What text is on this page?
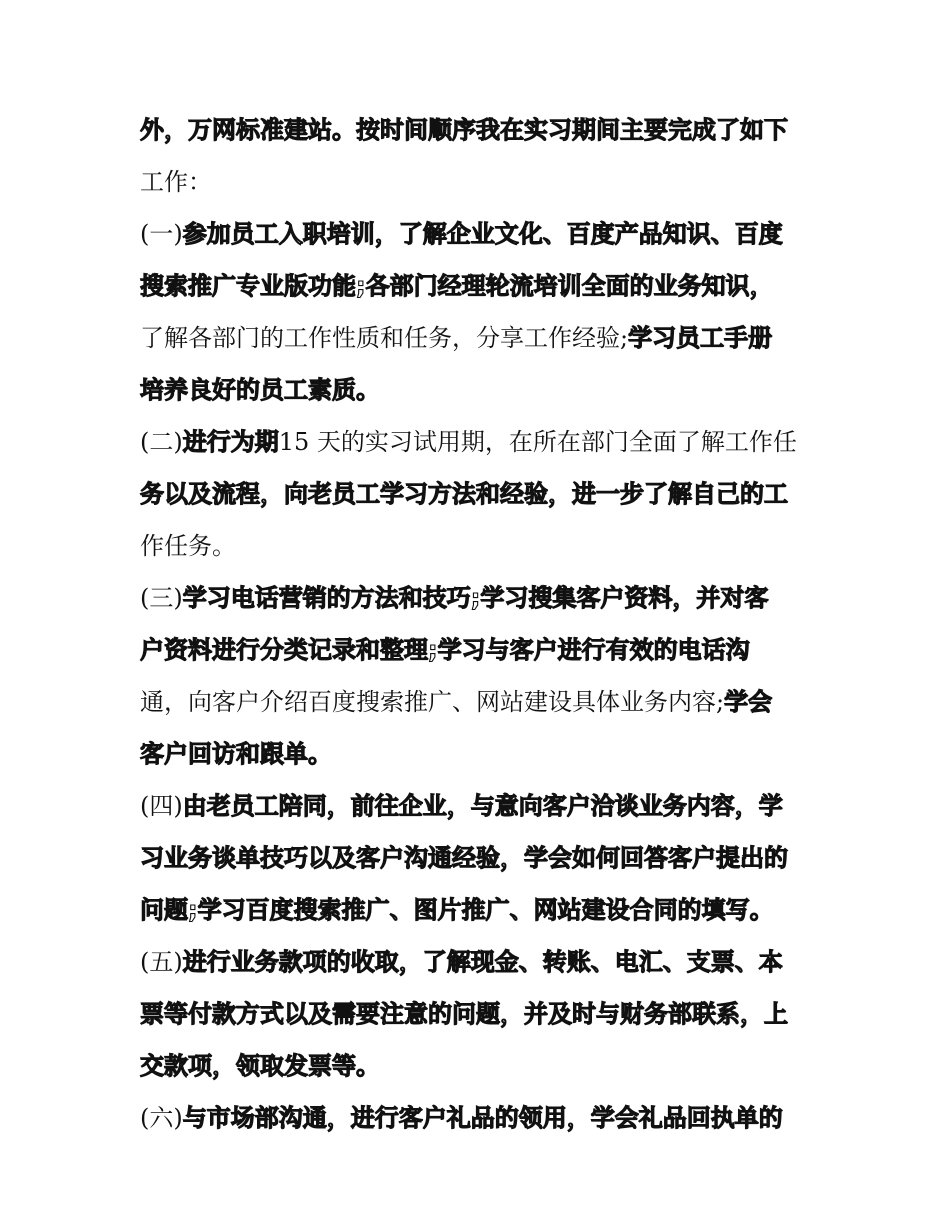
外，万网标准建站。按时间顺序我在实习期间主要完成了如下
工作：
(一)参加员工入职培训，了解企业文化、百度产品知识、百度
搜索推广专业版功能;各部门经理轮流培训全面的业务知识，
了解各部门的工作性质和任务，分享工作经验;学习员工手册
培养良好的员工素质。
(二)进行为期15 天的实习试用期，在所在部门全面了解工作任
务以及流程，向老员工学习方法和经验，进一步了解自己的工
作任务。
(三)学习电话营销的方法和技巧;学习搜集客户资料，并对客
户资料进行分类记录和整理;学习与客户进行有效的电话沟
通，向客户介绍百度搜索推广、网站建设具体业务内容;学会
客户回访和跟单。
(四)由老员工陪同，前往企业，与意向客户洽谈业务内容，学
习业务谈单技巧以及客户沟通经验，学会如何回答客户提出的
问题;学习百度搜索推广、图片推广、网站建设合同的填写。
(五)进行业务款项的收取，了解现金、转账、电汇、支票、本
票等付款方式以及需要注意的问题，并及时与财务部联系，上
交款项，领取发票等。
(六)与市场部沟通，进行客户礼品的领用，学会礼品回执单的
